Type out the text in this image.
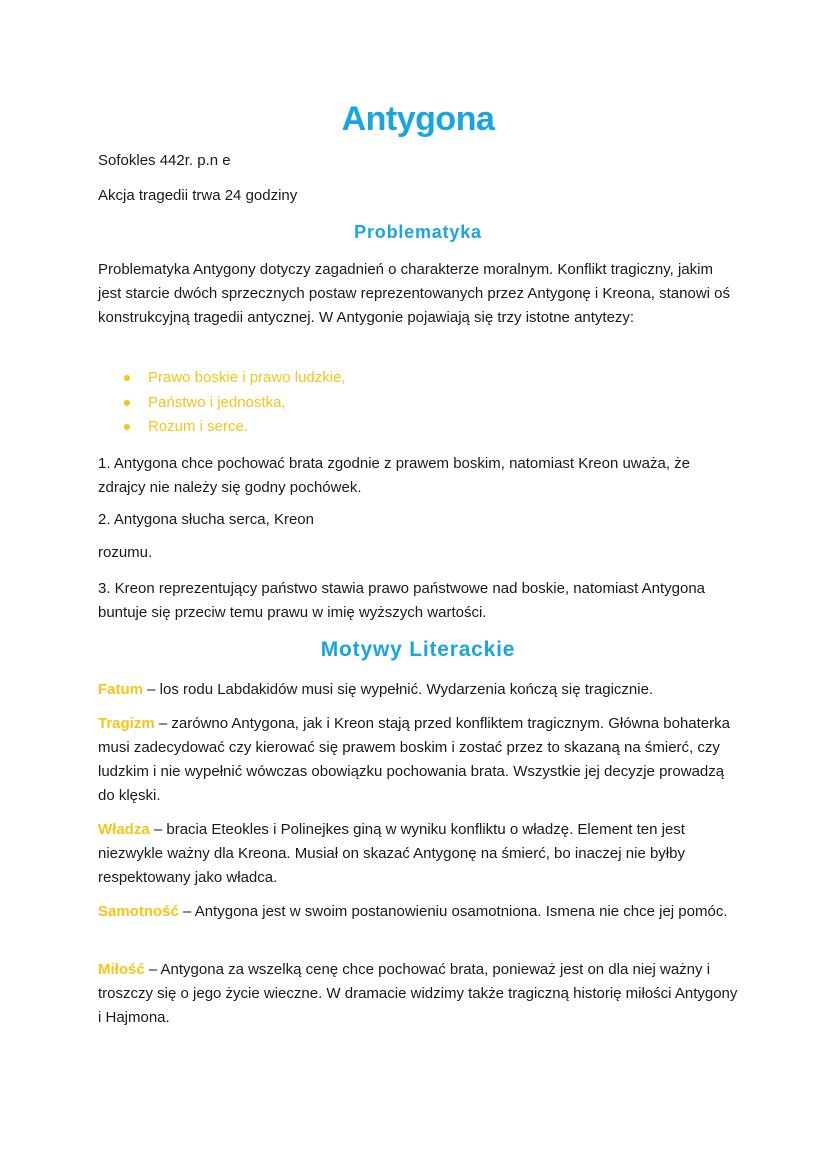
Antygona

Sofokles 442r. p.n e

Akcja tragedii trwa 24 godziny

Problematyka

Problematyka Antygony dotyczy zagadnień o charakterze moralnym. Konflikt tragiczny, jakim jest starcie dwóch sprzecznych postaw reprezentowanych przez Antygonę i Kreona, stanowi oś konstrukcyjną tragedii antycznej. W Antygonie pojawiają się trzy istotne antytezy:

Prawo boskie i prawo ludzkie,
Państwo i jednostka,
Rozum i serce.

1. Antygona chce pochować brata zgodnie z prawem boskim, natomiast Kreon uważa, że zdrajcy nie należy się godny pochówek.

2. Antygona słucha serca, Kreon

rozumu.

3. Kreon reprezentujący państwo stawia prawo państwowe nad boskie, natomiast Antygona buntuje się przeciw temu prawu w imię wyższych wartości.

Motywy Literackie

Fatum – los rodu Labdakidów musi się wypełnić. Wydarzenia kończą się tragicznie.

Tragizm – zarówno Antygona, jak i Kreon stają przed konfliktem tragicznym. Główna bohaterka musi zadecydować czy kierować się prawem boskim i zostać przez to skazaną na śmierć, czy ludzkim i nie wypełnić wówczas obowiązku pochowania brata. Wszystkie jej decyzje prowadzą do klęski.

Władza – bracia Eteokles i Polinejkes giną w wyniku konfliktu o władzę. Element ten jest niezwykle ważny dla Kreona. Musiał on skazać Antygonę na śmierć, bo inaczej nie byłby respektowany jako władca.

Samotność – Antygona jest w swoim postanowieniu osamotniona. Ismena nie chce jej pomóc.

Miłość – Antygona za wszelką cenę chce pochować brata, ponieważ jest on dla niej ważny i troszczy się o jego życie wieczne. W dramacie widzimy także tragiczną historię miłości Antygony i Hajmona.
